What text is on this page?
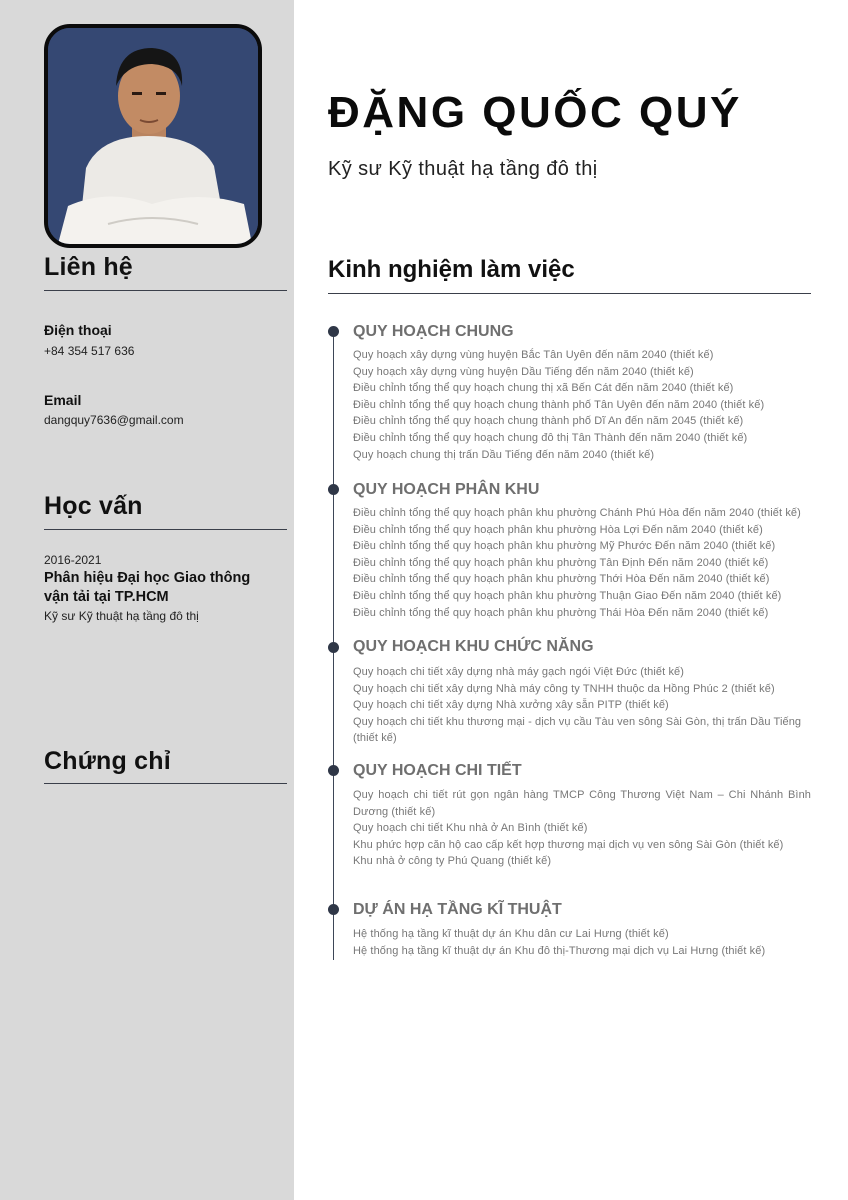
Liên hệ
Điện thoại
+84 354 517 636
Email
dangquy7636@gmail.com
Học vấn
2016-2021
Phân hiệu Đại học Giao thông vận tải tại TP.HCM
Kỹ sư Kỹ thuật hạ tầng đô thị
Chứng chỉ
ĐẶNG QUỐC QUÝ
Kỹ sư Kỹ thuật hạ tầng đô thị
Kinh nghiệm làm việc
QUY HOẠCH CHUNG
Quy hoạch xây dựng vùng huyện Bắc Tân Uyên đến năm 2040 (thiết kế)
Quy hoạch xây dựng vùng huyện Dầu Tiếng đến năm 2040 (thiết kế)
Điều chỉnh tổng thể quy hoạch chung thị xã Bến Cát đến năm 2040 (thiết kế)
Điều chỉnh tổng thể quy hoạch chung thành phố Tân Uyên đến năm 2040 (thiết kế)
Điều chỉnh tổng thể quy hoạch chung thành phố Dĩ An đến năm 2045 (thiết kế)
Điều chỉnh tổng thể quy hoạch chung đô thị Tân Thành đến năm 2040 (thiết kế)
Quy hoạch chung thị trấn Dầu Tiếng đến năm 2040 (thiết kế)
QUY HOẠCH PHÂN KHU
Điều chỉnh tổng thể quy hoạch phân khu phường Chánh Phú Hòa đến năm 2040 (thiết kế)
Điều chỉnh tổng thể quy hoạch phân khu phường Hòa Lợi Đến năm 2040 (thiết kế)
Điều chỉnh tổng thể quy hoạch phân khu phường Mỹ Phước Đến năm 2040 (thiết kế)
Điều chỉnh tổng thể quy hoạch phân khu phường Tân Định Đến năm 2040 (thiết kế)
Điều chỉnh tổng thể quy hoạch phân khu phường Thới Hòa Đến năm 2040 (thiết kế)
Điều chỉnh tổng thể quy hoạch phân khu phường Thuận Giao Đến năm 2040 (thiết kế)
Điều chỉnh tổng thể quy hoạch phân khu phường Thái Hòa Đến năm 2040 (thiết kế)
QUY HOẠCH KHU CHỨC NĂNG
Quy hoạch chi tiết xây dựng nhà máy gạch ngói Việt Đức (thiết kế)
Quy hoạch chi tiết xây dựng Nhà máy công ty TNHH thuộc da Hồng Phúc 2 (thiết kế)
Quy hoạch chi tiết xây dựng Nhà xưởng xây sẵn PITP (thiết kế)
Quy hoạch chi tiết khu thương mại - dịch vụ cầu Tàu ven sông Sài Gòn, thị trấn Dầu Tiếng (thiết kế)
QUY HOẠCH CHI TIẾT
Quy hoạch chi tiết rút gọn ngân hàng TMCP Công Thương Việt Nam – Chi Nhánh Bình Dương (thiết kế)
Quy hoạch chi tiết Khu nhà ở An Bình (thiết kế)
Khu phức hợp căn hộ cao cấp kết hợp thương mại dịch vụ ven sông Sài Gòn (thiết kế)
Khu nhà ở công ty Phú Quang (thiết kế)
DỰ ÁN HẠ TẦNG KĨ THUẬT
Hệ thống hạ tầng kĩ thuật dự án Khu dân cư Lai Hưng (thiết kế)
Hệ thống hạ tầng kĩ thuật dự án Khu đô thị-Thương mại dịch vụ Lai Hưng (thiết kế)
